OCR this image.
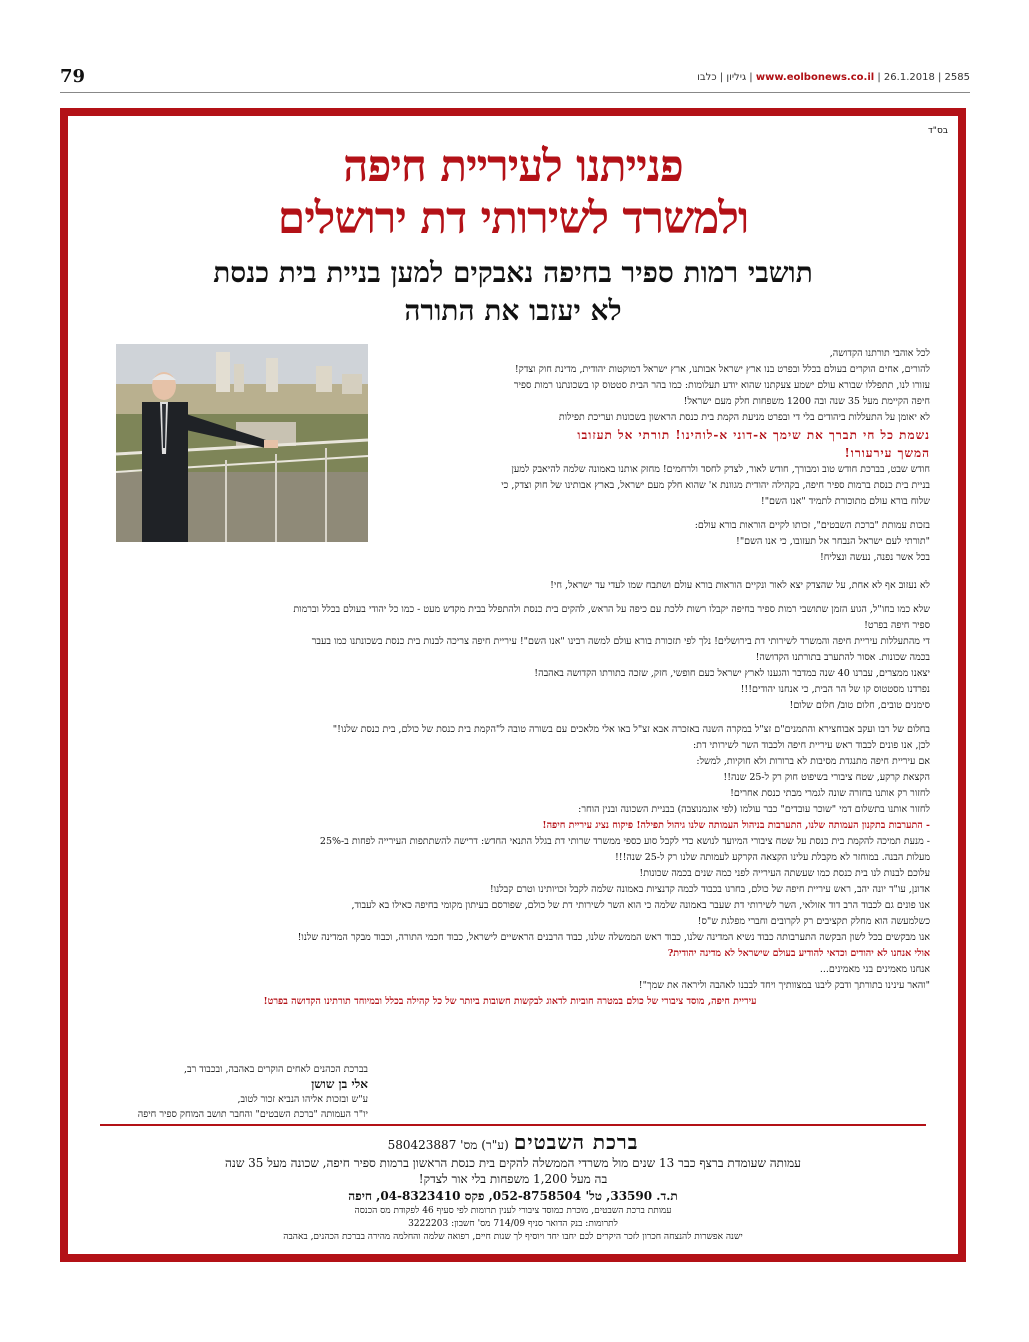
79	www.eolbonews.co.il | 26.1.2018 | 2585 | גיליון | כלבו
בס"ד
פנייתנו לעיריית חיפה
ולמשרד לשירותי דת ירושלים
תושבי רמות ספיר בחיפה נאבקים למען בניית בית כנסת
לא יעזבו את התורה

לכל אוהבי תורתנו הקדושה,

להורים, אחים הוקרים בעולם בכלל ובפרט בנו ארץ ישראל אבותנו, ארץ ישראל דמוקטות יהודית, מדינת חוק וצדק!

עזורו לנו, תתפללו שבורא עולם ישמע צעקתנו שהוא יודע תעלומות: כמו בהר הבית סטטוס קו בשכונתנו רמות ספיר

חיפה הקיימת מעל 35 שנה ובה 1200 משפחות חלק מעם ישראל!

לא יאומן על התעללות ביהודים בלי די ובפרט מניעת הקמת בית כנסת הראשון בשכונות ועריכת תפילות

נשמת כל חי תברך את שימך א-דוני א-לוהינו! תורתי אל תעזובו

המשך עירעורו!

חודש שבט, בברכת חודש טוב ומבורך, חודש לאור, לצדק לחסד ולרחמים! מחזק אותנו באמונה שלמה להיאבק למען

בניית בית כנסת ברמות ספיר חיפה, בקהילה יהודית מגוונת א' שהוא חלק מעם ישראל, בארץ אבותינו של חוק וצדק, כי

שלוח בורא עולם מתוכורת לתמיד "אנו השם"!

בזכות עמותת "ברכת השבטים", זכותו לקיים הוראות בורא עולם:

"תורתי לעם ישראל הנבחר אל תעזובו, כי אנו השם"!

בכל אשר נפנה, נעשה ונצליח!

לא נעזוב אף לא אחת, על שהצדק יצא לאור ונקיים הוראות בורא עולם ושתבח שמו לעדי עד ישראל, חי!

שלא כמו בחו"ל, הגוע הזמן שתושבי רמות ספיר בחיפה יקבלו רשות ללכת עם כיפה על הראש, להקים בית כנסת ולהתפלל בבית מקדש מעט - כמו כל יהודי בעולם בכלל וברמות

ספיר חיפה בפרט!

די מהתעללות עיריית חיפה והמשרד לשירותי דת בירושלים! נלך לפי תזכורת בורא עולם למשה רבינו "אנו השם"! עיריית חיפה צריכה לבנות בית כנסת בשכונתנו כמו בעבר

בכמה שכונות. אסור להתערב בתורתנו הקדושה!

יצאנו ממצרים, עברנו 40 שנה במדבר והגענו לארץ ישראל כעם חופשי, חזק, שזכה בתורתו הקדושה באהבה!

נפרדנו מסטטוס קו של הר הבית, כי אנחנו יהודים!!!

סימנים טובים, חלום טוב/ חלום שלום!

בחלום של רבו ועקב אבוחצירא והתמנים"ם זצ"ל במקרה השנה באזכרה אבא זצ"ל באו אלי מלאכים עם בשורה טובה ל"הקמת בית כנסת של כולם, בית כנסת שלנו!"

לכן, אנו פונים לכבוד ראש עיריית חיפה ולכבוד השר לשירותי דת:

אם עיריית חיפה מתנגדת מסיבות לא ברורות ולא חוקיות, למשל:

הקצאת קרקע, שטח ציבורי בשיפוט חוק רק ל-25 שנה!!

לחזור רק אותנו בחזרה שונה לגמרי מבתי כנסת אחרים!

לחזור אותנו בתשלום דמי "שוכר עובדים" כבר עולמו (לפי אונמנוצבה) בבניית השכונה ובנין הוחר:

- התערבות בתקנון העמותה שלנו, התערבות בניהול העמותה שלנו גיהול תפילה! פיקוח נציג עיריית חיפה!

- מנעת תמיכה להקמת בית כנסת על שטח ציבורי המיועד לנושא כדי לקבל סוע כספי ממשרד שרותי דת בגלל התנאי החדש: דרישה להשתתפות העירייה לפחות ב-25%

מעלות הבנה. במוחזר לא מקבלת עלינו הקצאה הקרקע לעמותה שלנו רק ל-25 שנה!!!

עלוכם לבנות לנו בית כנסת כמו שעשתה העירייה לפני כמה שנים בכמה שכונות!

אדונן, עו"ד יונה יהב, ראש עיריית חיפה של כולם, בחרנו בכבוד לכמה קדנציות באמונה שלמה לקבל זכויותינו וטרם קבלנו!

אנו פונים גם לכבוד הרב דוד אזולאי, השר לשירותי דת שעבר באמונה שלמה כי הוא השר לשירותי דת של כולם, שפורסם בעיתון מקומי בחיפה כאילו בא לעבוד,

כשלמעשה הוא מחלק תקציבים רק לקרובים וחברי מפלגת ש"ס!

אנו מבקשים בכל לשון הבקשה התערבותה כבוד נשיא המדינה שלנו, כבוד ראש הממשלה שלנו, כבוד הרבנים הראשיים לישראל, כבוד חכמי התורה, וכבוד מבקר המדינה שלנו!

אולי אנחנו לא יהודים וכדאי להודיע בעולם שישראל לא מדינה יהודית?

אנחנו מאמינים בני מאמינים...

"והאר עינינו בתורתך ודבק ליבנו במצוותיך ויחד לבבנו לאהבה וליראה את שמך"!

עיריית חיפה, מוסד ציבורי של כולם במטרה חוביות לדאוג לבקשות חשובות ביותר של כל קהילה בכלל ובמיוחד תורתינו הקדושה בפרט!

בברכת הכהנים לאחים הוקרים באהבה, ובכבוד רב,

אלי בן שושן

ע"ש ובזכות אליהו הנביא זכור לטוב,

יו"ר העמותה "ברכת השבטים" והחבר תושב המוחק ספיר חיפה

ברכת השבטים (ע"ר) מס' 580423887

עמותה שעומדת ברצף כבר 13 שנים מול משרדי הממשלה להקים בית כנסת הראשון ברמות ספיר חיפה, שכונה מעל 35 שנה

בה מעל 1,200 משפחות בלי אור לצדק!

ת.ד. 33590, טל' 052-8758504, פקס 04-8323410, חיפה

עמותת ברכת השבטים, מוכרת כמוסד ציבורי לענין תרומות לפי סעיף 46 לפקודת מס הכנסה

לתרומות: בנק הדואר סניף 714/09 מס' חשבון: 3222203

ישנה אפשרות להנצחה חכרון לזכר היקרים לכם יחבו יחד ויוסיף לך שנות חיים, רפואה שלמה והחלמה מהירה בברכת הכהנים, באהבה
